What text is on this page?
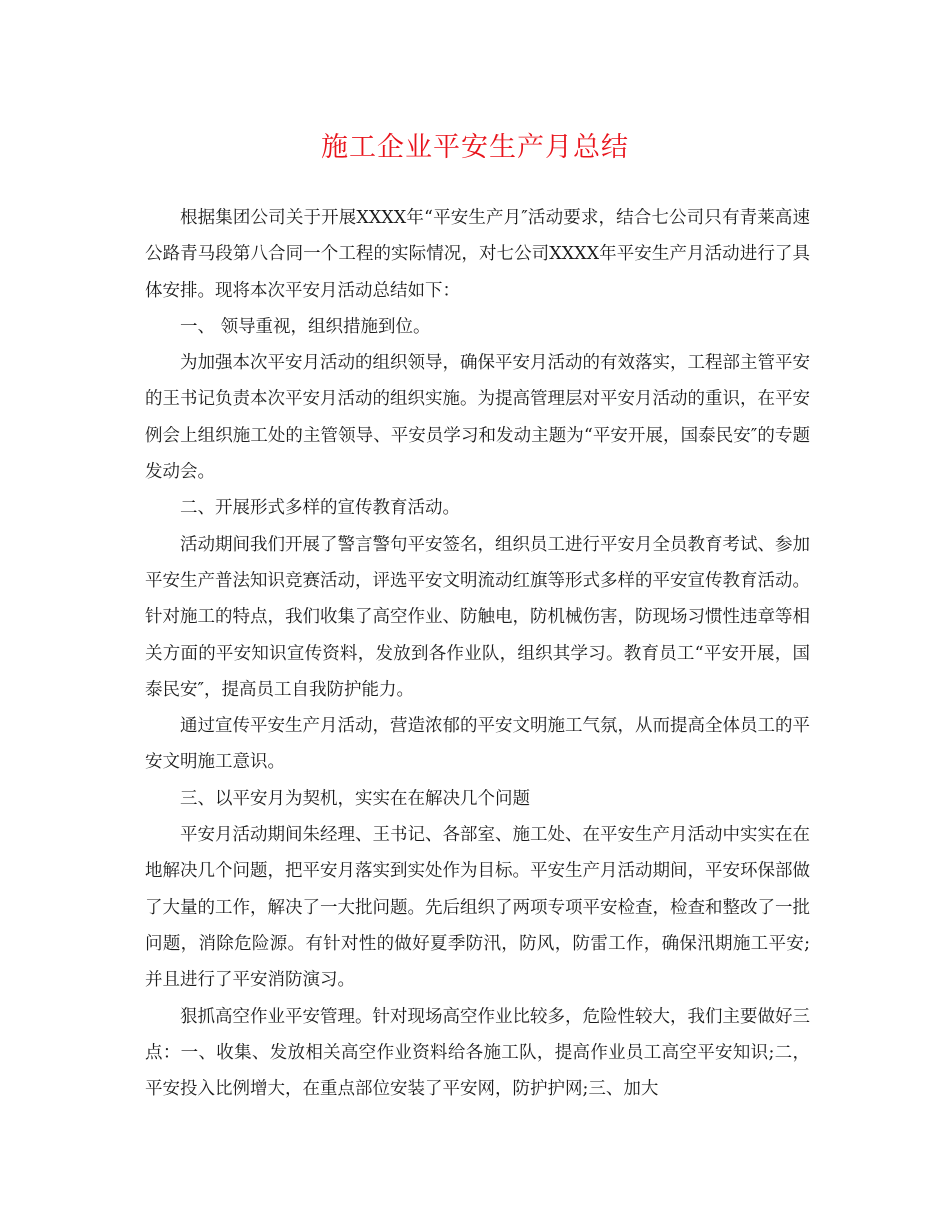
施工企业平安生产月总结

根据集团公司关于开展XXXX年“平安生产月″活动要求，结合七公司只有青莱高速公路青马段第八合同一个工程的实际情况，对七公司XXXX年平安生产月活动进行了具体安排。现将本次平安月活动总结如下：

一、 领导重视，组织措施到位。

为加强本次平安月活动的组织领导，确保平安月活动的有效落实，工程部主管平安的王书记负责本次平安月活动的组织实施。为提高管理层对平安月活动的重识，在平安例会上组织施工处的主管领导、平安员学习和发动主题为“平安开展，国泰民安″的专题发动会。

二、开展形式多样的宣传教育活动。

活动期间我们开展了警言警句平安签名，组织员工进行平安月全员教育考试、参加平安生产普法知识竞赛活动，评选平安文明流动红旗等形式多样的平安宣传教育活动。针对施工的特点，我们收集了高空作业、防触电，防机械伤害，防现场习惯性违章等相关方面的平安知识宣传资料，发放到各作业队，组织其学习。教育员工“平安开展，国泰民安″，提高员工自我防护能力。

通过宣传平安生产月活动，营造浓郁的平安文明施工气氛，从而提高全体员工的平安文明施工意识。

三、以平安月为契机，实实在在解决几个问题

平安月活动期间朱经理、王书记、各部室、施工处、在平安生产月活动中实实在在地解决几个问题，把平安月落实到实处作为目标。平安生产月活动期间，平安环保部做了大量的工作，解决了一大批问题。先后组织了两项专项平安检查，检查和整改了一批问题，消除危险源。有针对性的做好夏季防汛，防风，防雷工作，确保汛期施工平安;并且进行了平安消防演习。

狠抓高空作业平安管理。针对现场高空作业比较多，危险性较大，我们主要做好三点：一、收集、发放相关高空作业资料给各施工队，提高作业员工高空平安知识;二，平安投入比例增大，在重点部位安装了平安网，防护护网;三、加大
